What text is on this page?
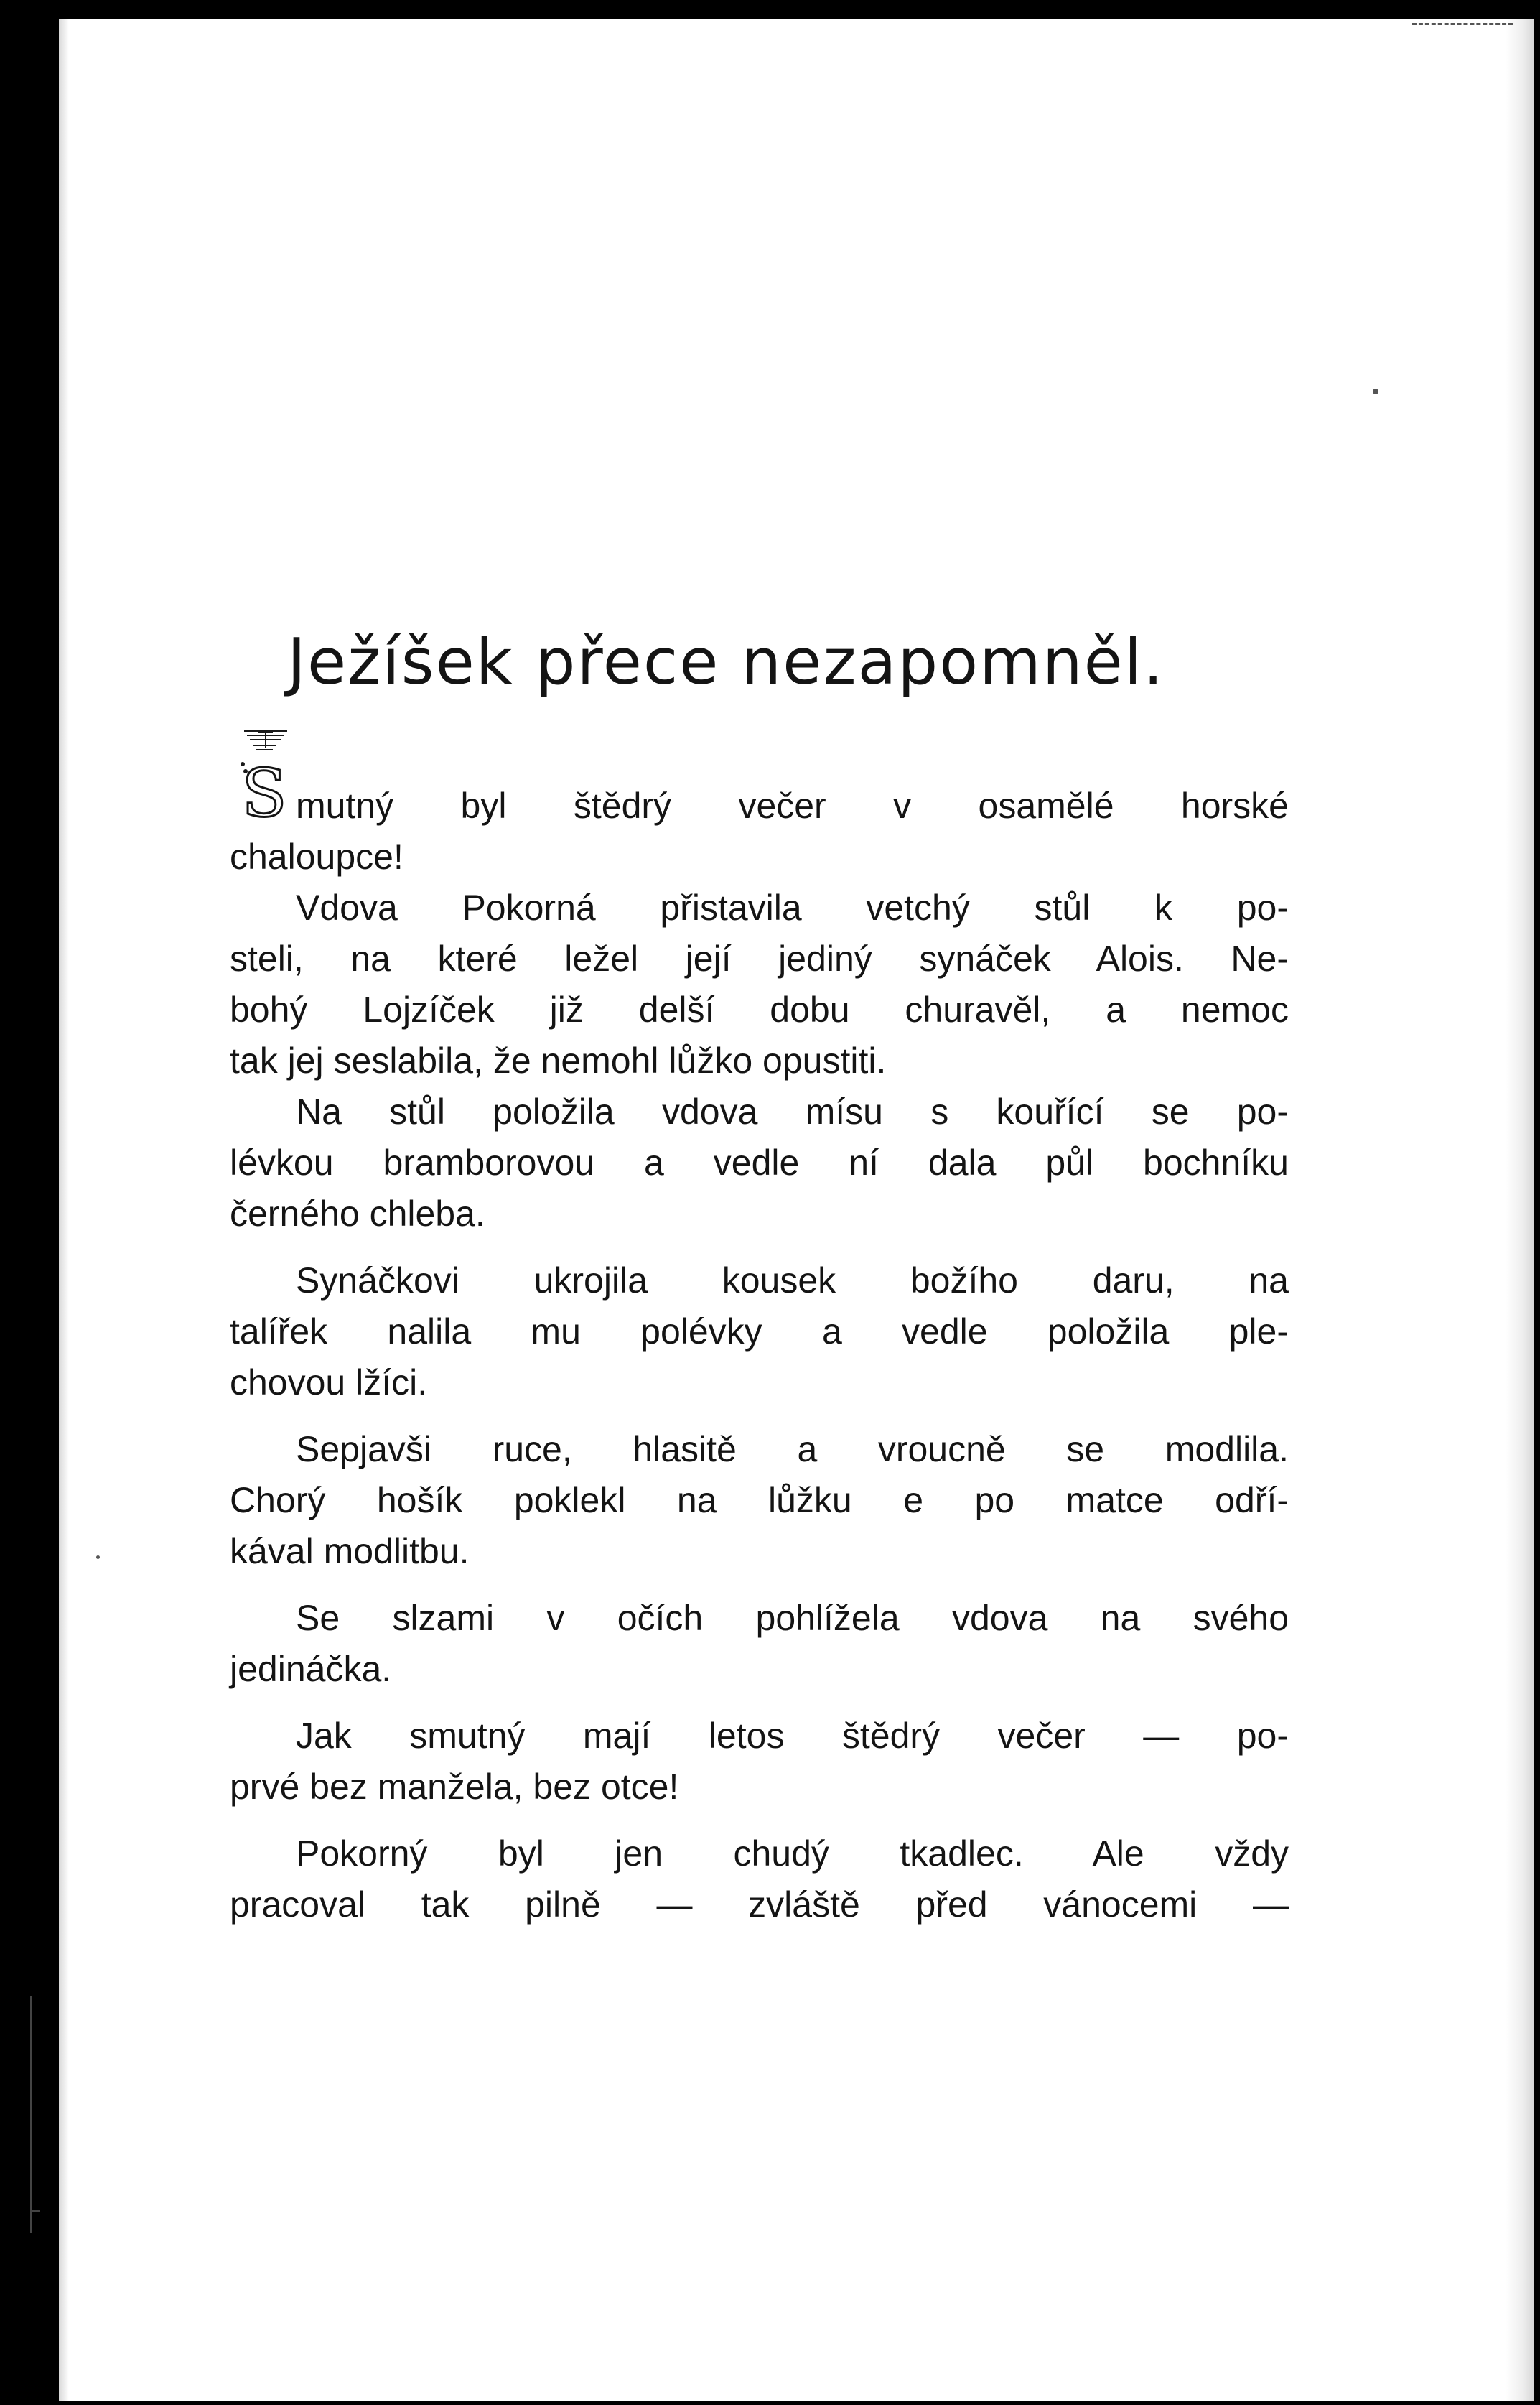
Ježíšek přece nezapomněl.
S mutný byl štědrý večer v osamělé horské
chaloupce!
Vdova Pokorná přistavila vetchý stůl k po-
steli, na které ležel její jediný synáček Alois. Ne-
bohý Lojzíček již delší dobu churavěl, a nemoc
tak jej seslabila, že nemohl lůžko opustiti.
Na stůl položila vdova mísu s kouřící se po-
lévkou bramborovou a vedle ní dala půl bochníku
černého chleba.
Synáčkovi ukrojila kousek božího daru, na
talířek nalila mu polévky a vedle položila ple-
chovou lžíci.
Sepjavši ruce, hlasitě a vroucně se modlila.
Chorý hošík poklekl na lůžku e po matce odří-
kával modlitbu.
Se slzami v očích pohlížela vdova na svého
jedináčka.
Jak smutný mají letos štědrý večer — po-
prvé bez manžela, bez otce!
Pokorný byl jen chudý tkadlec. Ale vždy
pracoval tak pilně — zvláště před vánocemi —
